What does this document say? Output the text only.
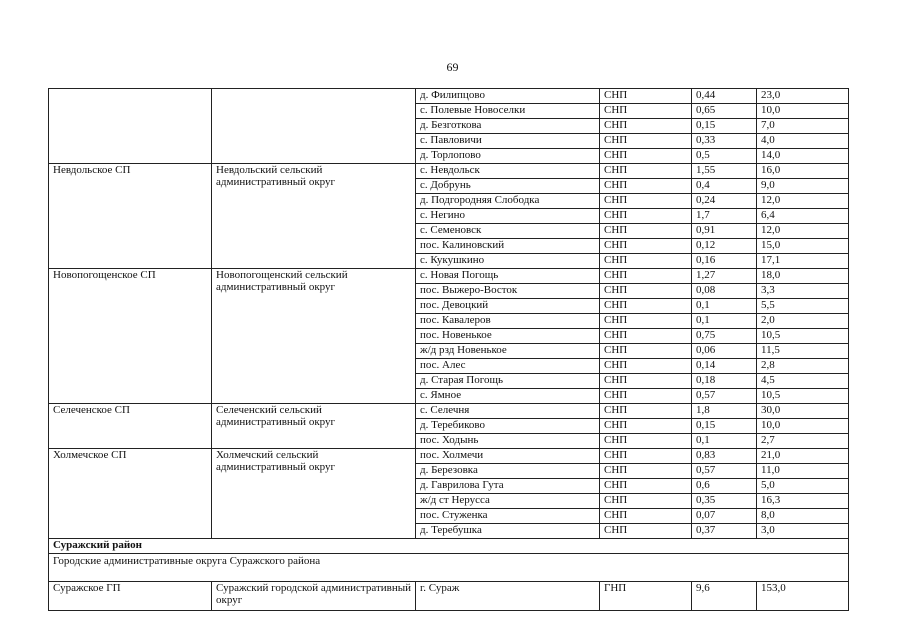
69
		д. Филипцово	СНП	0,44	23,0
		с. Полевые Новоселки	СНП	0,65	10,0
		д. Безготкова	СНП	0,15	7,0
		с. Павловичи	СНП	0,33	4,0
		д. Торлопово	СНП	0,5	14,0
Невдольское СП	Невдольский сельский административный округ	с. Невдольск	СНП	1,55	16,0
		с. Добрунь	СНП	0,4	9,0
		д. Подгородняя Слободка	СНП	0,24	12,0
		с. Негино	СНП	1,7	6,4
		с. Семеновск	СНП	0,91	12,0
		пос. Калиновский	СНП	0,12	15,0
		с. Кукушкино	СНП	0,16	17,1
Новопогощенское СП	Новопогощенский сельский административный округ	с. Новая Погощь	СНП	1,27	18,0
		пос. Выжеро-Восток	СНП	0,08	3,3
		пос. Девоцкий	СНП	0,1	5,5
		пос. Кавалеров	СНП	0,1	2,0
		пос. Новенькое	СНП	0,75	10,5
		ж/д рзд Новенькое	СНП	0,06	11,5
		пос. Алес	СНП	0,14	2,8
		д. Старая Погощь	СНП	0,18	4,5
		с. Ямное	СНП	0,57	10,5
Селеченское СП	Селеченский сельский административный округ	с. Селечня	СНП	1,8	30,0
		д. Теребиково	СНП	0,15	10,0
		пос. Ходынь	СНП	0,1	2,7
Холмечское СП	Холмечский сельский административный округ	пос. Холмечи	СНП	0,83	21,0
		д. Березовка	СНП	0,57	11,0
		д. Гаврилова Гута	СНП	0,6	5,0
		ж/д ст Нерусса	СНП	0,35	16,3
		пос. Стуженка	СНП	0,07	8,0
		д. Теребушка	СНП	0,37	3,0
Суражский район					
Городские административные округа Суражского района					
Суражское ГП	Суражский городской административный округ	г. Сураж	ГНП	9,6	153,0
